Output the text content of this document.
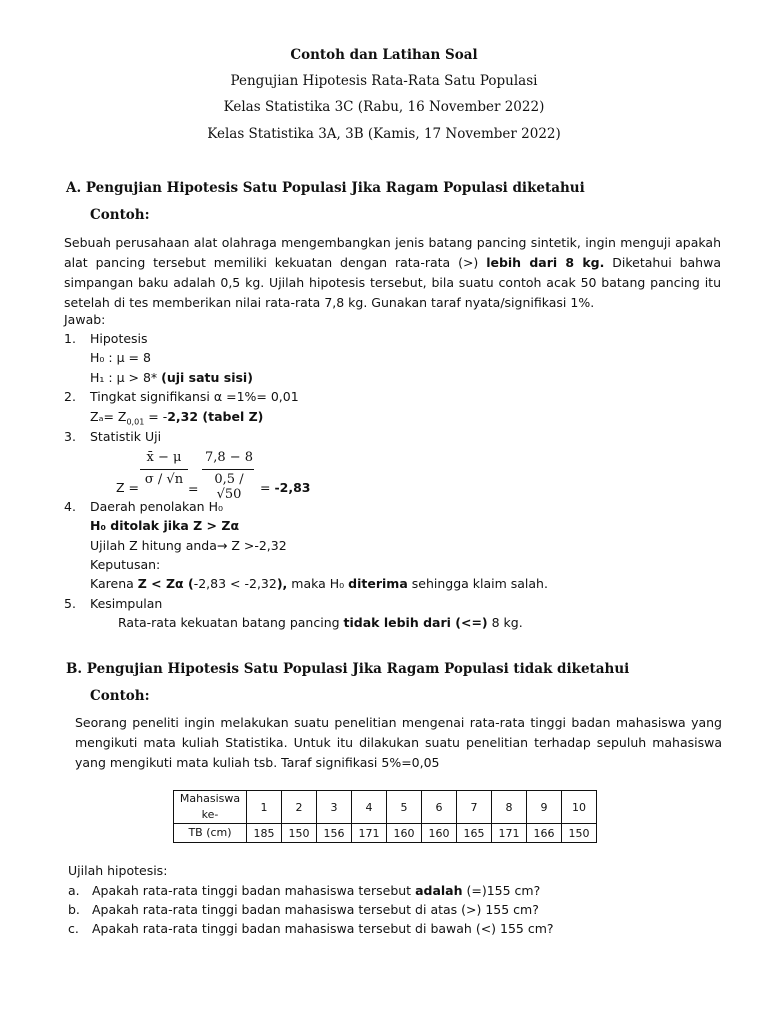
Contoh dan Latihan Soal
Pengujian Hipotesis Rata-Rata Satu Populasi
Kelas Statistika 3C (Rabu, 16 November 2022)
Kelas Statistika 3A, 3B (Kamis, 17 November 2022)
A. Pengujian Hipotesis Satu Populasi Jika Ragam Populasi diketahui
Contoh:
Sebuah perusahaan alat olahraga mengembangkan jenis batang pancing sintetik, ingin menguji apakah alat pancing tersebut memiliki kekuatan dengan rata-rata (>) lebih dari 8 kg. Diketahui bahwa simpangan baku adalah 0,5 kg. Ujilah hipotesis tersebut, bila suatu contoh acak 50 batang pancing itu setelah di tes memberikan nilai rata-rata 7,8 kg. Gunakan taraf nyata/signifikasi 1%.
Jawab:
1. Hipotesis
H₀ : μ = 8
H₁ : μ > 8* (uji satu sisi)
2. Tingkat signifikansi α =1%= 0,01
$Z_a= Z_{0,01} = -2,32$ (tabel Z)
3. Statistik Uji
Z =
x̄ − μ
σ / √n
=
7,8 − 8
0,5 / √50	= -2,83
4. Daerah penolakan H₀
H₀ ditolak jika Z > Zα
Ujilah Z hitung anda→ Z >-2,32
Keputusan:
Karena Z < Zα (-2,83 < -2,32), maka H₀ diterima sehingga klaim salah.
5. Kesimpulan
Rata-rata kekuatan batang pancing tidak lebih dari (<=) 8 kg.
B. Pengujian Hipotesis Satu Populasi Jika Ragam Populasi tidak diketahui
Contoh:
Seorang peneliti ingin melakukan suatu penelitian mengenai rata-rata tinggi badan mahasiswa yang mengikuti mata kuliah Statistika. Untuk itu dilakukan suatu penelitian terhadap sepuluh mahasiswa yang mengikuti mata kuliah tsb. Taraf signifikasi 5%=0,05
Mahasiswa ke-	1	2	3	4	5	6	7	8	9	10
TB (cm)	185	150	156	171	160	160	165	171	166	150
Ujilah hipotesis:
a. Apakah rata-rata tinggi badan mahasiswa tersebut adalah (=)155 cm?
b. Apakah rata-rata tinggi badan mahasiswa tersebut di atas (>) 155 cm?
c. Apakah rata-rata tinggi badan mahasiswa tersebut di bawah (<) 155 cm?
